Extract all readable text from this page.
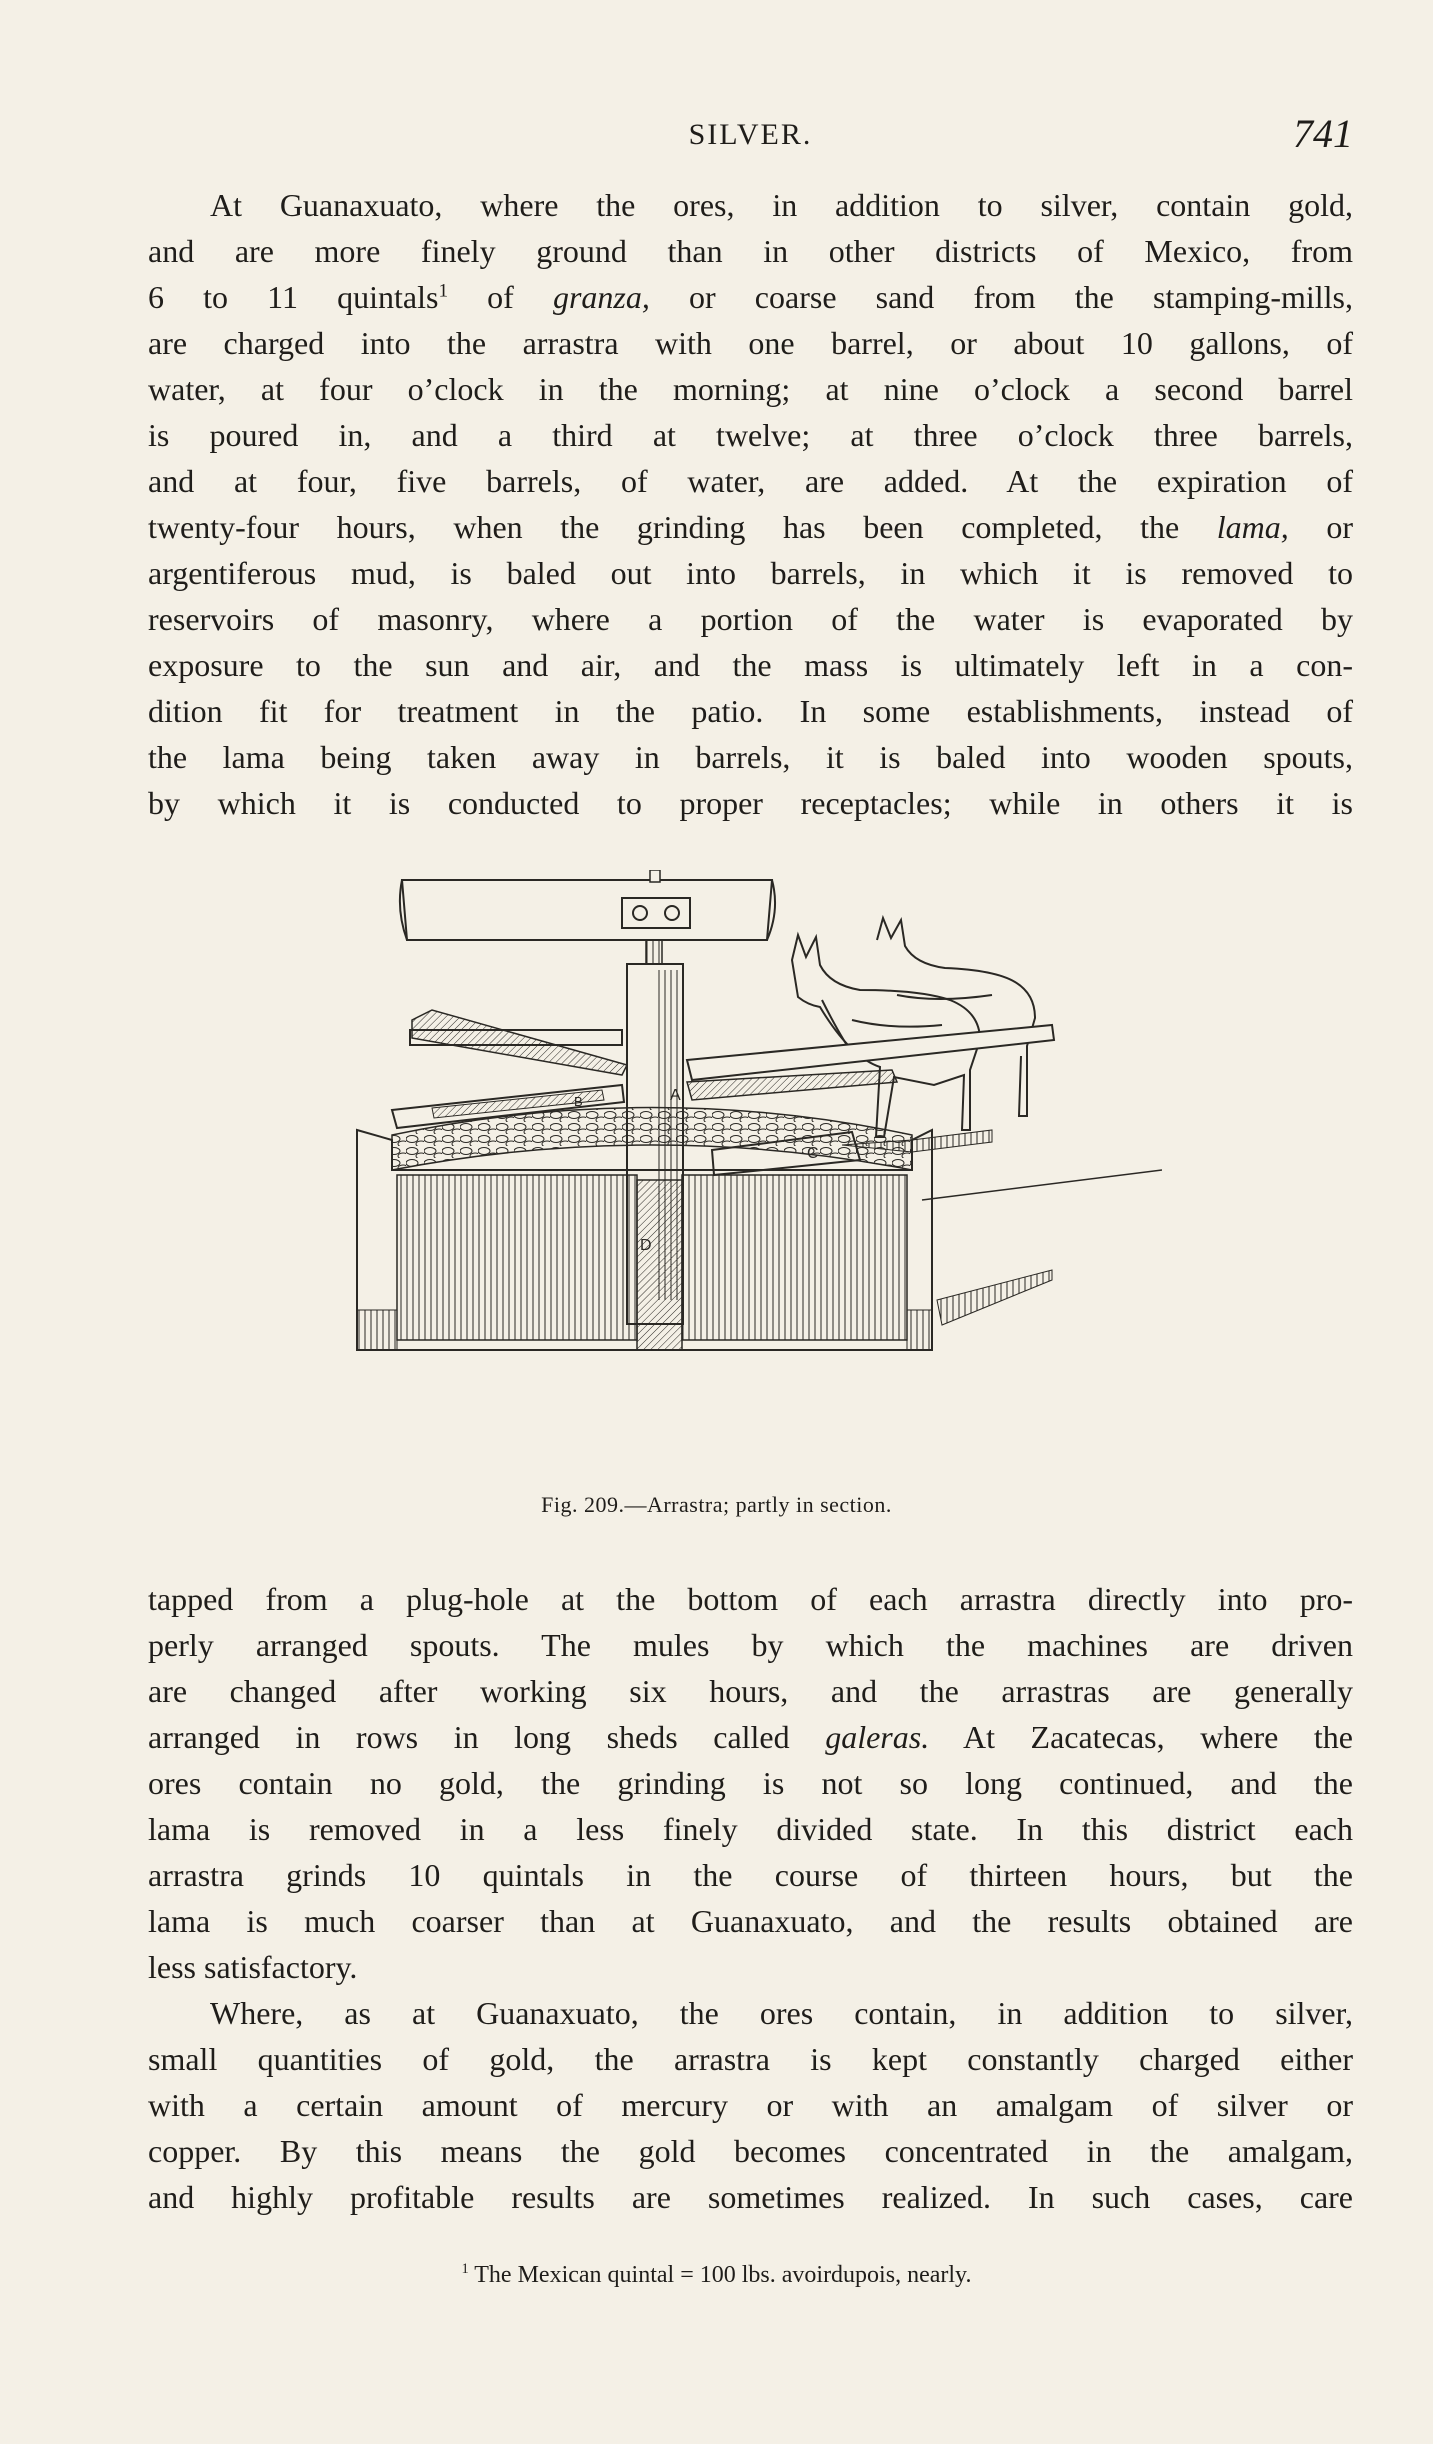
SILVER.	741
At Guanaxuato, where the ores, in addition to silver, contain gold,
and are more finely ground than in other districts of Mexico, from
6 to 11 quintals$^1$ of granza, or coarse sand from the stamping-mills,
are charged into the arrastra with one barrel, or about 10 gallons, of
water, at four o’clock in the morning; at nine o’clock a second barrel
is poured in, and a third at twelve; at three o’clock three barrels,
and at four, five barrels, of water, are added. At the expiration of
twenty-four hours, when the grinding has been completed, the lama, or
argentiferous mud, is baled out into barrels, in which it is removed to
reservoirs of masonry, where a portion of the water is evaporated by
exposure to the sun and air, and the mass is ultimately left in a con-
dition fit for treatment in the patio. In some establishments, instead of
the lama being taken away in barrels, it is baled into wooden spouts,
by which it is conducted to proper receptacles; while in others it is
A
B
D
Fig. 209.—Arrastra; partly in section.
tapped from a plug-hole at the bottom of each arrastra directly into pro-
perly arranged spouts. The mules by which the machines are driven
are changed after working six hours, and the arrastras are generally
arranged in rows in long sheds called galeras. At Zacatecas, where the
ores contain no gold, the grinding is not so long continued, and the
lama is removed in a less finely divided state. In this district each
arrastra grinds 10 quintals in the course of thirteen hours, but the
lama is much coarser than at Guanaxuato, and the results obtained are
less satisfactory.
Where, as at Guanaxuato, the ores contain, in addition to silver,
small quantities of gold, the arrastra is kept constantly charged either
with a certain amount of mercury or with an amalgam of silver or
copper. By this means the gold becomes concentrated in the amalgam,
and highly profitable results are sometimes realized. In such cases, care
$^1$ The Mexican quintal = 100 lbs. avoirdupois, nearly.
